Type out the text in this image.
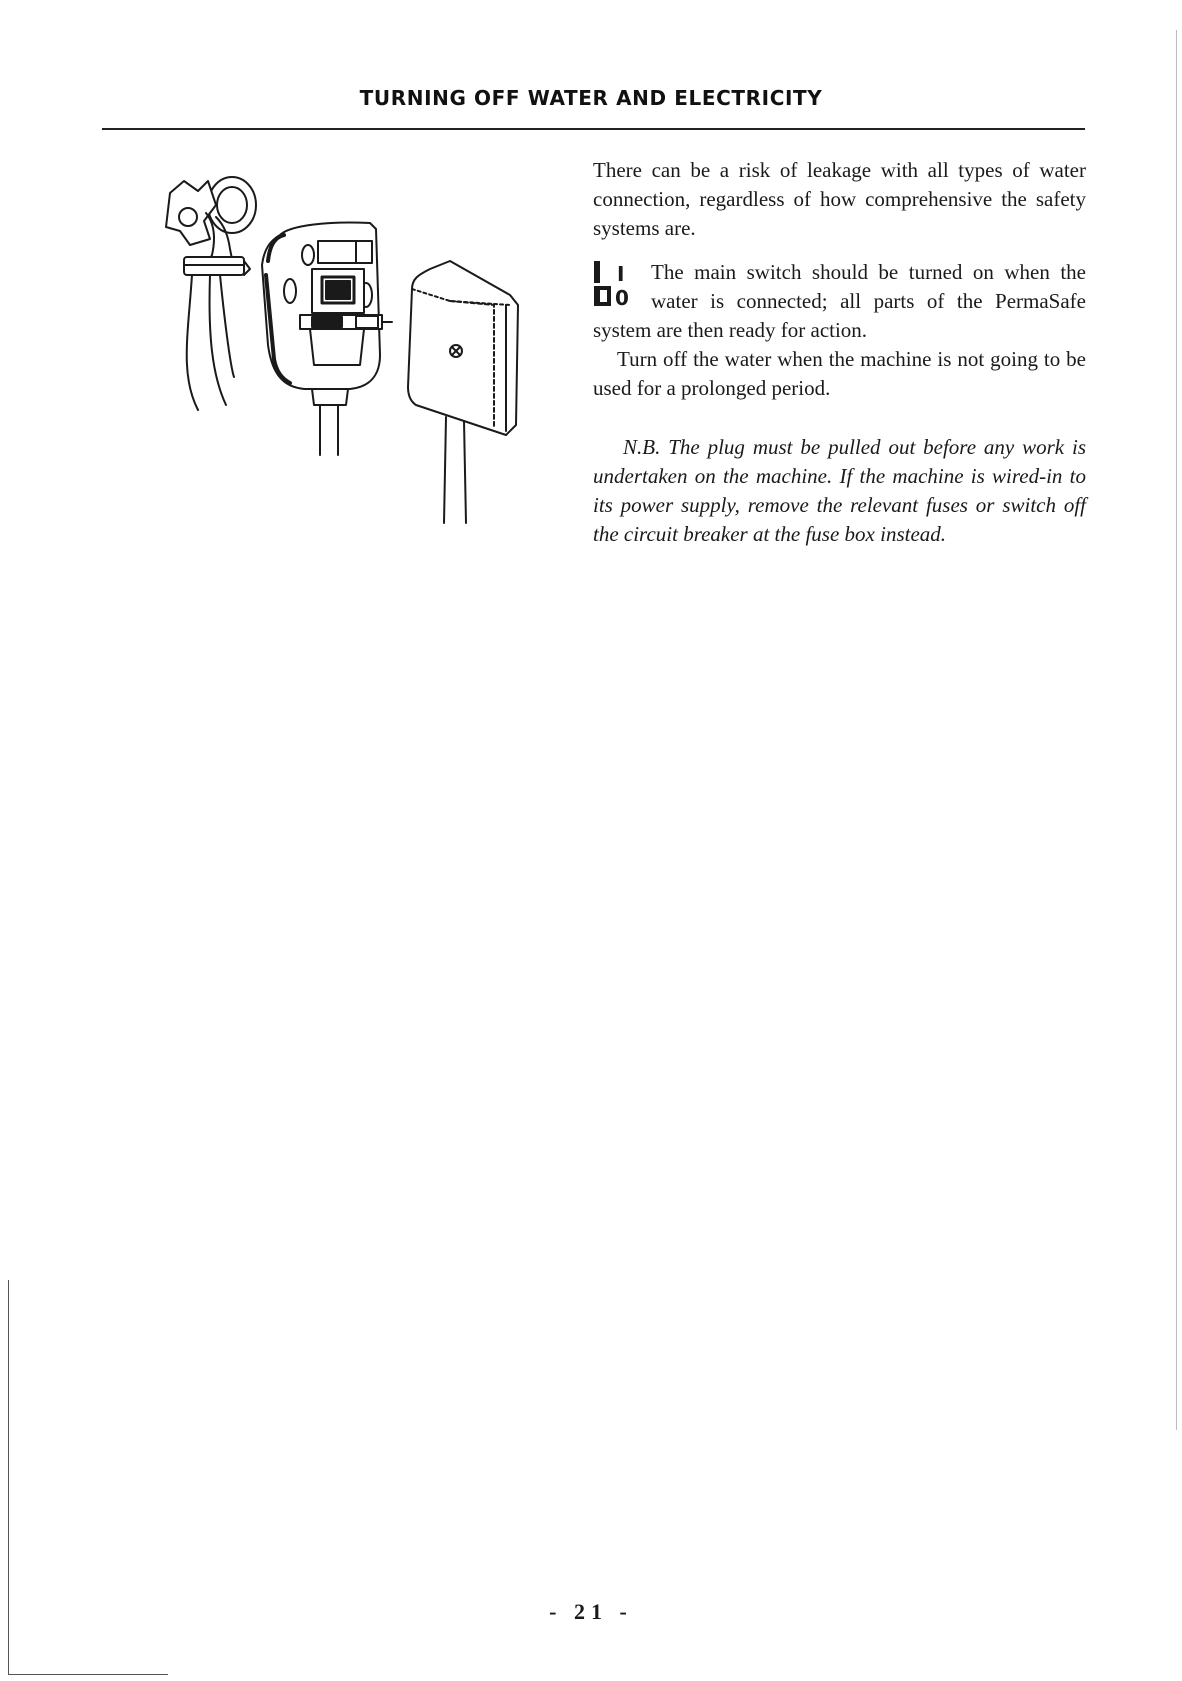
TURNING OFF WATER AND ELECTRICITY

There can be a risk of leakage with all types of water connection, regardless of how comprehensive the safety systems are.

I
0
The main switch should be turned on when the water is connected; all parts of the PermaSafe system are then ready for action.

Turn off the water when the machine is not going to be used for a prolonged period.

N.B. The plug must be pulled out before any work is undertaken on the machine. If the machine is wired-in to its power supply, remove the relevant fuses or switch off the circuit breaker at the fuse box instead.

- 21 -
